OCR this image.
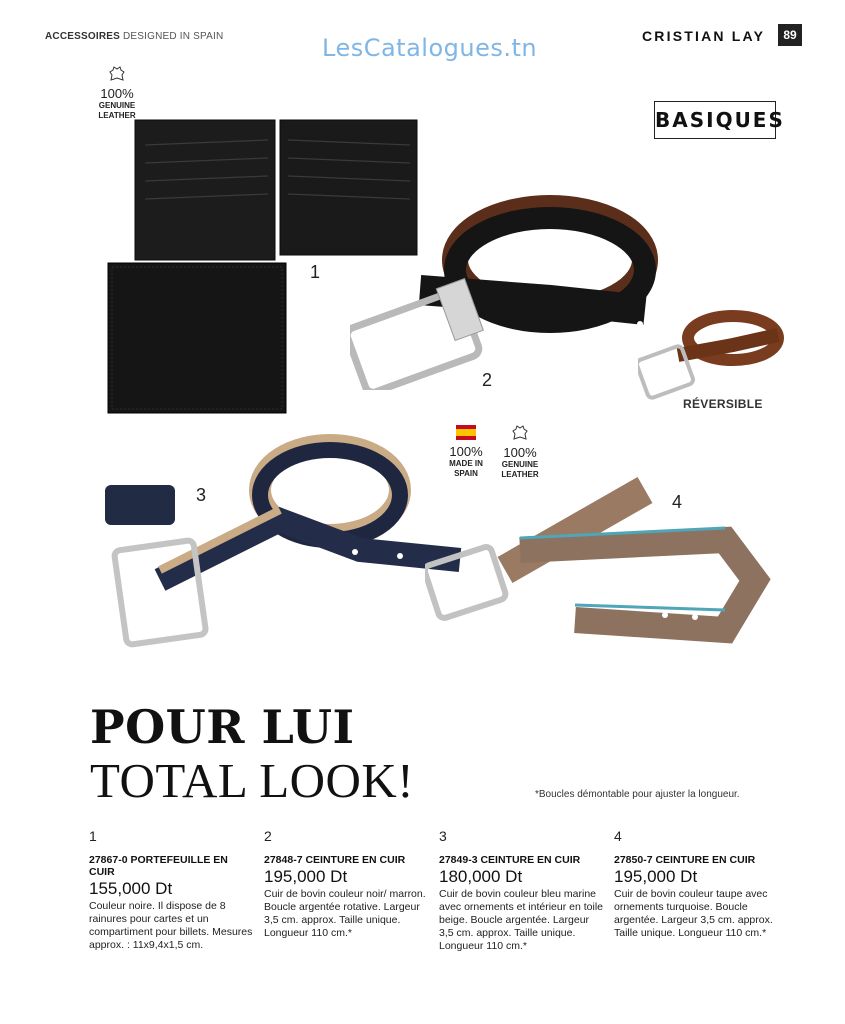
ACCESSOIRES DESIGNED IN SPAIN	LesCatalogues.tn	CRISTIAN LAY	89
BASIQUES
100%
GENUINE
LEATHER
RÉVERSIBLE
100%
MADE IN
SPAIN
100%
GENUINE
LEATHER
1
2
3	4
POUR LUI
TOTAL LOOK!	*Boucles démontable pour ajuster la longueur.
1
27867-0 PORTEFEUILLE EN CUIR
155,000 Dt
Couleur noire. Il dispose de 8 rainures pour cartes et un compartiment pour billets. Mesures approx. : 11x9,4x1,5 cm.
2
27848-7 CEINTURE EN CUIR
195,000 Dt
Cuir de bovin couleur noir/ marron. Boucle argentée rotative. Largeur 3,5 cm. approx. Taille unique. Longueur 110 cm.*
3
27849-3 CEINTURE EN CUIR
180,000 Dt
Cuir de bovin couleur bleu marine avec ornements et intérieur en toile beige. Boucle argentée. Largeur 3,5 cm. approx. Taille unique. Longueur 110 cm.*
4
27850-7 CEINTURE EN CUIR
195,000 Dt
Cuir de bovin couleur taupe avec ornements turquoise. Boucle argentée. Largeur 3,5 cm. approx. Taille unique. Longueur 110 cm.*
